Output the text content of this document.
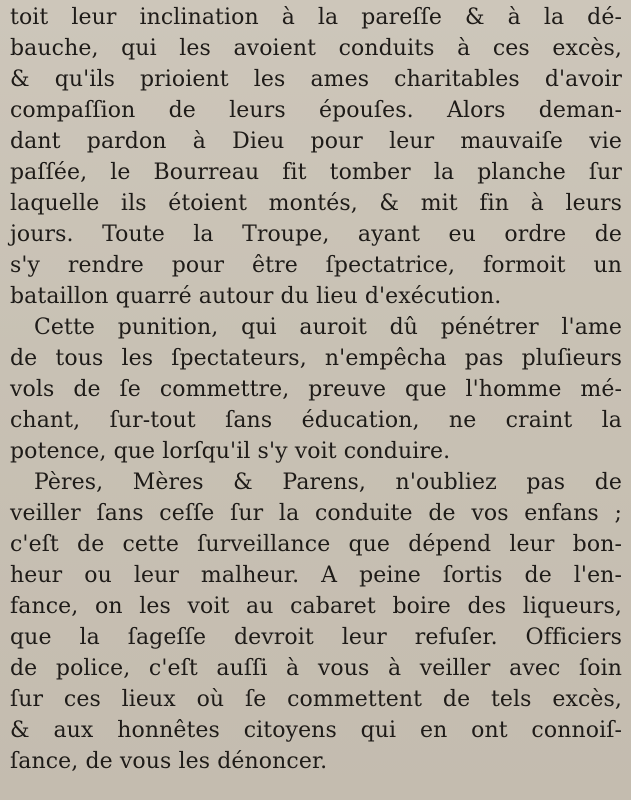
toit leur inclination à la pareſſe & à la dé-
bauche, qui les avoient conduits à ces excès,
& qu'ils prioient les ames charitables d'avoir
compaſſion de leurs épouſes. Alors deman-
dant pardon à Dieu pour leur mauvaiſe vie
paſſée, le Bourreau fit tomber la planche ſur
laquelle ils étoient montés, & mit fin à leurs
jours. Toute la Troupe, ayant eu ordre de
s'y rendre pour être ſpectatrice, formoit un
bataillon quarré autour du lieu d'exécution.
Cette punition, qui auroit dû pénétrer l'ame
de tous les ſpectateurs, n'empêcha pas pluſieurs
vols de ſe commettre, preuve que l'homme mé-
chant, ſur-tout ſans éducation, ne craint la
potence, que lorſqu'il s'y voit conduire.
Pères, Mères & Parens, n'oubliez pas de
veiller ſans ceſſe ſur la conduite de vos enfans ;
c'eſt de cette ſurveillance que dépend leur bon-
heur ou leur malheur. A peine ſortis de l'en-
fance, on les voit au cabaret boire des liqueurs,
que la ſageſſe devroit leur refuſer. Officiers
de police, c'eſt auſſi à vous à veiller avec ſoin
ſur ces lieux où ſe commettent de tels excès,
& aux honnêtes citoyens qui en ont connoiſ-
ſance, de vous les dénoncer.
